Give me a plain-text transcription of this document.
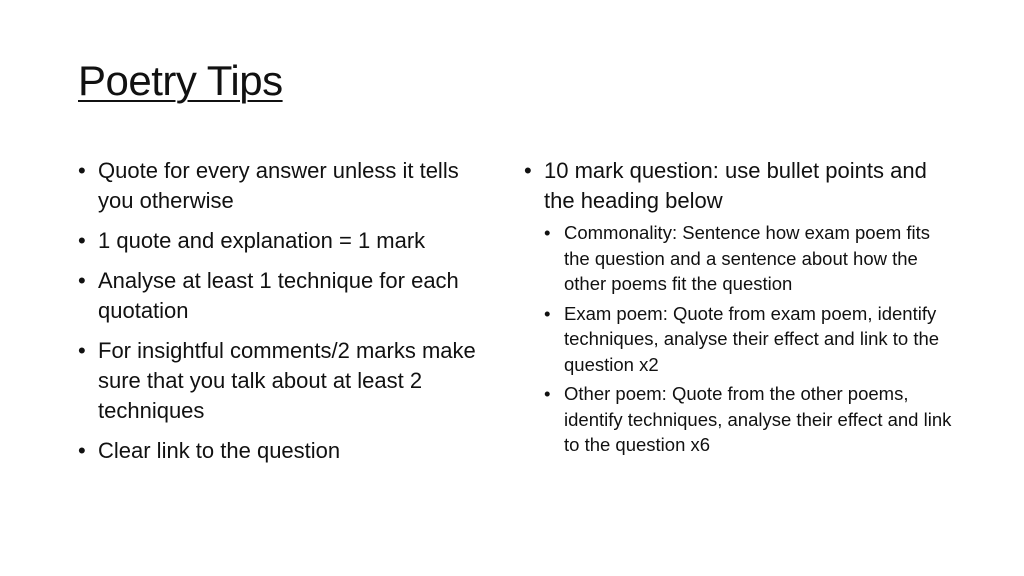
Poetry Tips
• Quote for every answer unless it tells you otherwise
• 1 quote and explanation = 1 mark
• Analyse at least 1 technique for each quotation
• For insightful comments/2 marks make sure that you talk about at least 2 techniques
• Clear link to the question
• 10 mark question: use bullet points and the heading below
• Commonality: Sentence how exam poem fits the question and a sentence about how the other poems fit the question
• Exam poem: Quote from exam poem, identify techniques, analyse their effect and link to the question x2
• Other poem: Quote from the other poems, identify techniques, analyse their effect and link to the question x6
